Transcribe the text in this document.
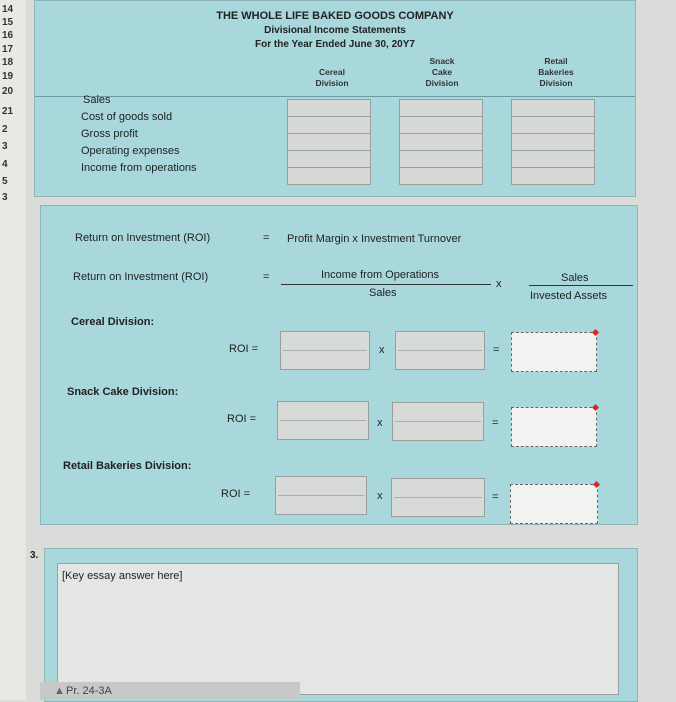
14
15
16
17
18
19
20
21
2
3
4
5
3
THE WHOLE LIFE BAKED GOODS COMPANY
Divisional Income Statements
For the Year Ended June 30, 20Y7
Cereal
Division
Snack
Cake
Division
Retail
Bakeries
Division
Sales
Cost of goods sold
Gross profit
Operating expenses
Income from operations
Return on Investment (ROI)	= Profit Margin x Investment Turnover
Return on Investment (ROI)	=	Income from Operations
Sales
x	Sales
Invested Assets
Cereal Division:
ROI =	x	=
Snack Cake Division:
ROI =	x	=
Retail Bakeries Division:
ROI =	x	=
3.
[Key essay answer here]
▲ Pr. 24-3A
